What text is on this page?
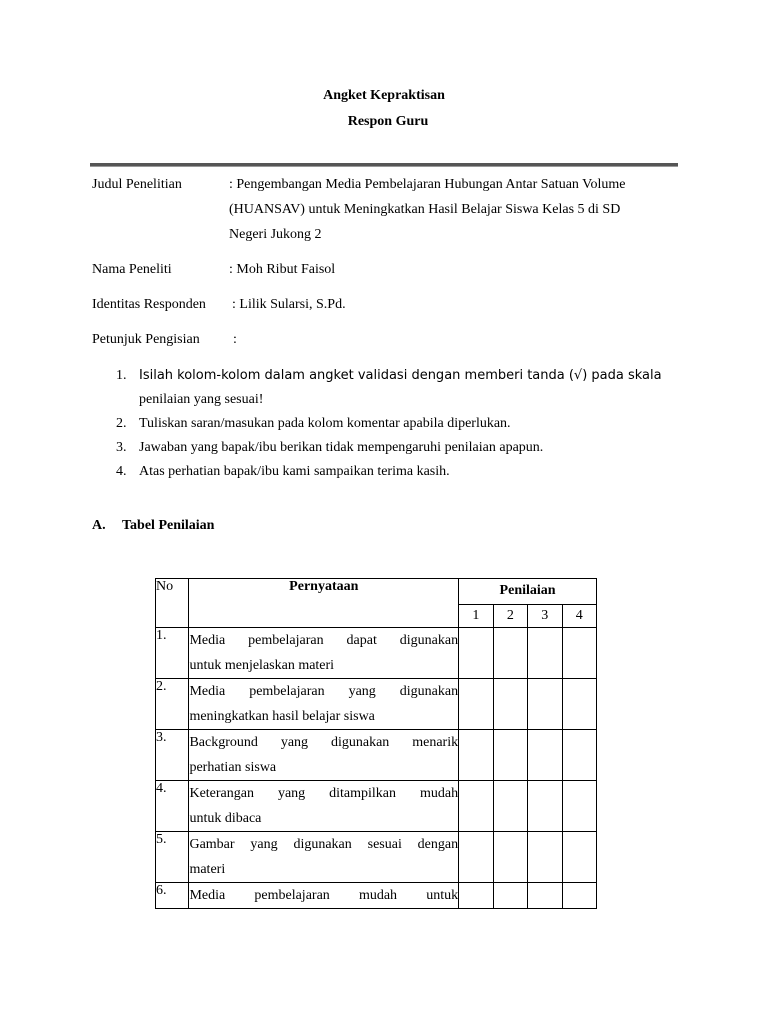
Angket Kepraktisan
Respon Guru
Judul Penelitian	: Pengembangan Media Pembelajaran Hubungan Antar Satuan Volume
(HUANSAV) untuk Meningkatkan Hasil Belajar Siswa Kelas 5 di SD
Negeri Jukong 2
Nama Peneliti	: Moh Ribut Faisol
Identitas Responden : Lilik Sularsi, S.Pd.
Petunjuk Pengisian :
1. Isilah kolom-kolom dalam angket validasi dengan memberi tanda (√) pada skala
penilaian yang sesuai!
2. Tuliskan saran/masukan pada kolom komentar apabila diperlukan.
3. Jawaban yang bapak/ibu berikan tidak mempengaruhi penilaian apapun.
4. Atas perhatian bapak/ibu kami sampaikan terima kasih.
A. Tabel Penilaian
No	Pernyataan	Penilaian			
		1	2	3	4
1.	Media pembelajaran dapat digunakan
untuk menjelaskan materi				
2.	Media pembelajaran yang digunakan
meningkatkan hasil belajar siswa				
3.	Background yang digunakan menarik
perhatian siswa				
4.	Keterangan yang ditampilkan mudah
untuk dibaca				
5.	Gambar yang digunakan sesuai dengan
materi				
6.	Media pembelajaran mudah untuk				
